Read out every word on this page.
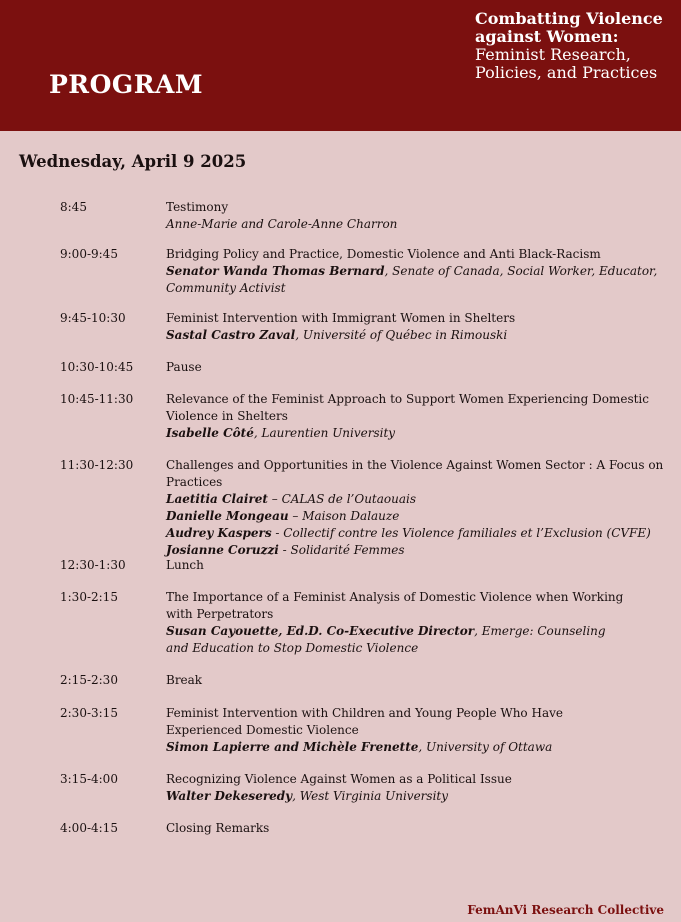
PROGRAM
Combatting Violence against Women: Feminist Research, Policies, and Practices
Wednesday, April 9 2025
8:45	Testimony
Anne-Marie and Carole-Anne Charron
9:00-9:45	Bridging Policy and Practice, Domestic Violence and Anti Black-Racism
Senator Wanda Thomas Bernard, Senate of Canada, Social Worker, Educator, Community Activist
9:45-10:30	Feminist Intervention with Immigrant Women in Shelters
Sastal Castro Zaval, Université of Québec in Rimouski
10:30-10:45	Pause
10:45-11:30	Relevance of the Feminist Approach to Support Women Experiencing Domestic Violence in Shelters
Isabelle Côté, Laurentien University
11:30-12:30	Challenges and Opportunities in the Violence Against Women Sector : A Focus on Practices
Laetitia Clairet – CALAS de l’Outaouais
Danielle Mongeau – Maison Dalauze
Audrey Kaspers - Collectif contre les Violence familiales et l’Exclusion (CVFE)
Josianne Coruzzi - Solidarité Femmes
12:30-1:30	Lunch
1:30-2:15	The Importance of a Feminist Analysis of Domestic Violence when Working with Perpetrators
Susan Cayouette, Ed.D. Co-Executive Director, Emerge: Counseling and Education to Stop Domestic Violence
2:15-2:30	Break
2:30-3:15	Feminist Intervention with Children and Young People Who Have Experienced Domestic Violence
Simon Lapierre and Michèle Frenette, University of Ottawa
3:15-4:00	Recognizing Violence Against Women as a Political Issue
Walter Dekeseredy, West Virginia University
4:00-4:15	Closing Remarks
FemAnVi Research Collective
